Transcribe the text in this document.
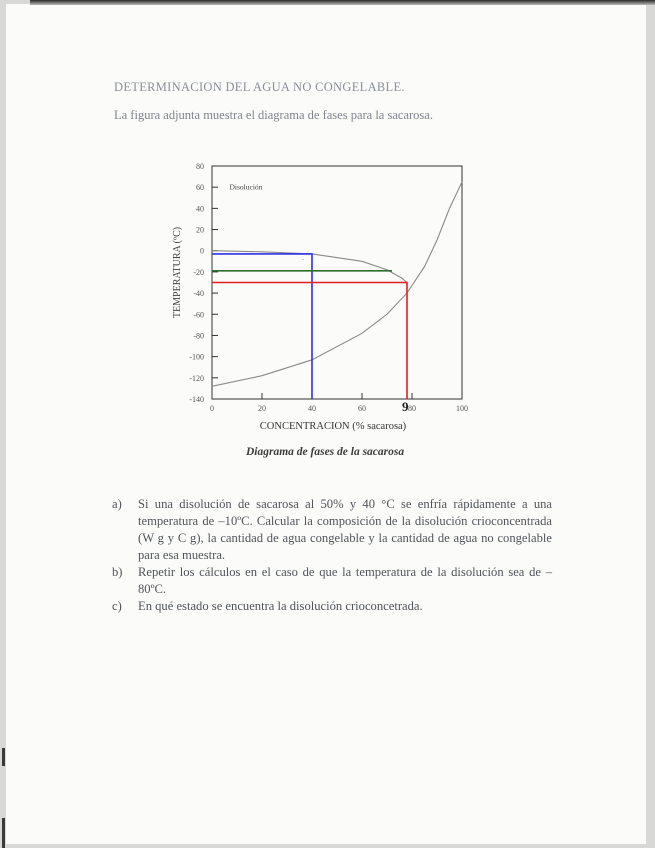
DETERMINACION DEL AGUA NO CONGELABLE.
La figura adjunta muestra el diagrama de fases para la sacarosa.
80
60
40
20
0
-20
-40
-60
-80
-100
-120
-140
0	20	40	60	80	100
Disolución
-
9
CONCENTRACION (% sacarosa)
TEMPERATURA (ºC)
Diagrama de fases de la sacarosa
a)	Si una disolución de sacarosa al 50% y 40 °C se enfría rápidamente a una temperatura de –10ºC. Calcular la composición de la disolución crioconcentrada (W g y C g), la cantidad de agua congelable y la cantidad de agua no congelable para esa muestra.
b)	Repetir los cálculos en el caso de que la temperatura de la disolución sea de –80ºC.
c)	En qué estado se encuentra la disolución crioconcetrada.
